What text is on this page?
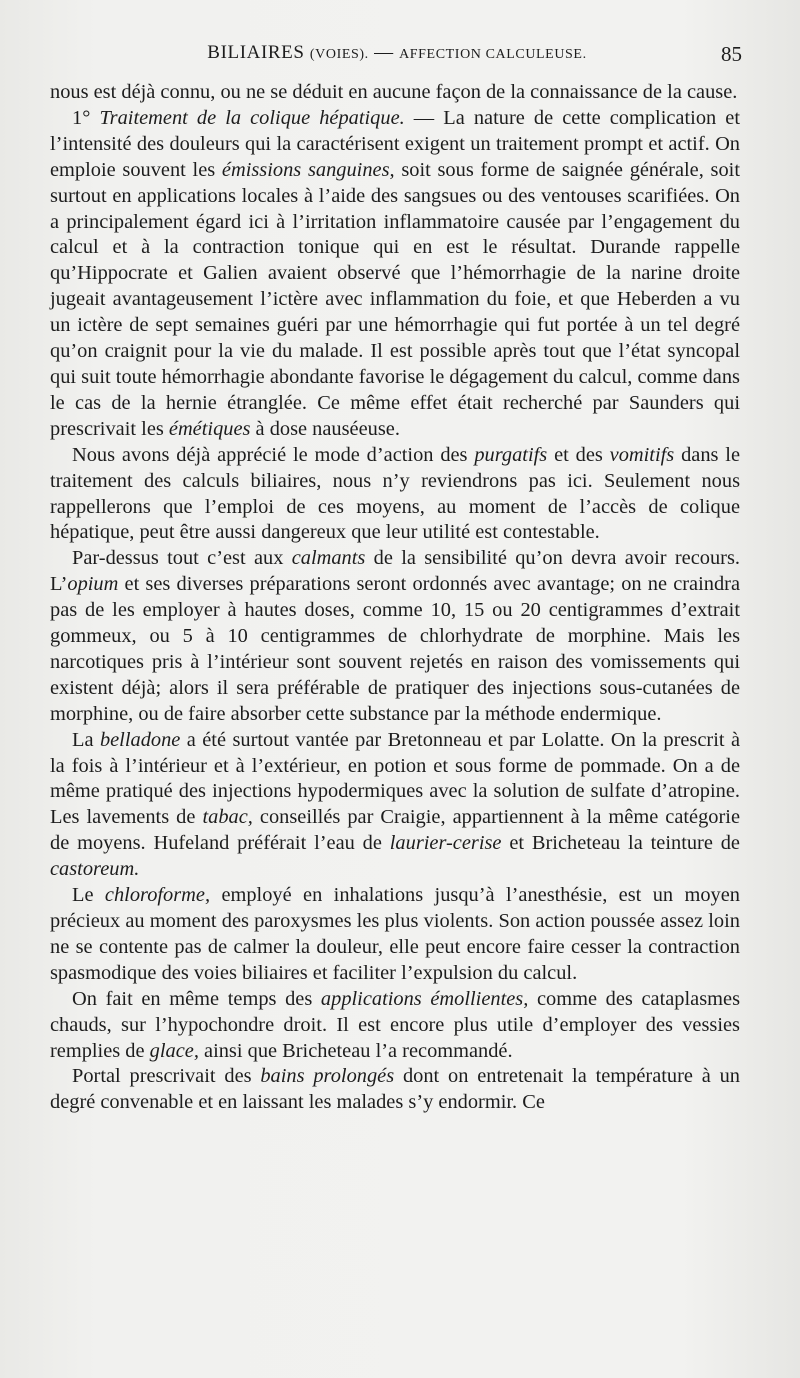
BILIAIRES (VOIES). — AFFECTION CALCULEUSE.	85

nous est déjà connu, ou ne se déduit en aucune façon de la connaissance de la cause.

1° Traitement de la colique hépatique. — La nature de cette complication et l’intensité des douleurs qui la caractérisent exigent un traitement prompt et actif. On emploie souvent les émissions sanguines, soit sous forme de saignée générale, soit surtout en applications locales à l’aide des sangsues ou des ventouses scarifiées. On a principalement égard ici à l’irritation inflammatoire causée par l’engagement du calcul et à la contraction tonique qui en est le résultat. Durande rappelle qu’Hippocrate et Galien avaient observé que l’hémorrhagie de la narine droite jugeait avantageusement l’ictère avec inflammation du foie, et que Heberden a vu un ictère de sept semaines guéri par une hémorrhagie qui fut portée à un tel degré qu’on craignit pour la vie du malade. Il est possible après tout que l’état syncopal qui suit toute hémorrhagie abondante favorise le dégagement du calcul, comme dans le cas de la hernie étranglée. Ce même effet était recherché par Saunders qui prescrivait les émétiques à dose nauséeuse.

Nous avons déjà apprécié le mode d’action des purgatifs et des vomitifs dans le traitement des calculs biliaires, nous n’y reviendrons pas ici. Seulement nous rappellerons que l’emploi de ces moyens, au moment de l’accès de colique hépatique, peut être aussi dangereux que leur utilité est contestable.

Par-dessus tout c’est aux calmants de la sensibilité qu’on devra avoir recours. L’opium et ses diverses préparations seront ordonnés avec avantage; on ne craindra pas de les employer à hautes doses, comme 10, 15 ou 20 centigrammes d’extrait gommeux, ou 5 à 10 centigrammes de chlorhydrate de morphine. Mais les narcotiques pris à l’intérieur sont souvent rejetés en raison des vomissements qui existent déjà; alors il sera préférable de pratiquer des injections sous-cutanées de morphine, ou de faire absorber cette substance par la méthode endermique.

La belladone a été surtout vantée par Bretonneau et par Lolatte. On la prescrit à la fois à l’intérieur et à l’extérieur, en potion et sous forme de pommade. On a de même pratiqué des injections hypodermiques avec la solution de sulfate d’atropine. Les lavements de tabac, conseillés par Craigie, appartiennent à la même catégorie de moyens. Hufeland préférait l’eau de laurier-cerise et Bricheteau la teinture de castoreum.

Le chloroforme, employé en inhalations jusqu’à l’anesthésie, est un moyen précieux au moment des paroxysmes les plus violents. Son action poussée assez loin ne se contente pas de calmer la douleur, elle peut encore faire cesser la contraction spasmodique des voies biliaires et faciliter l’expulsion du calcul.

On fait en même temps des applications émollientes, comme des cataplasmes chauds, sur l’hypochondre droit. Il est encore plus utile d’employer des vessies remplies de glace, ainsi que Bricheteau l’a recommandé.

Portal prescrivait des bains prolongés dont on entretenait la température à un degré convenable et en laissant les malades s’y endormir. Ce
